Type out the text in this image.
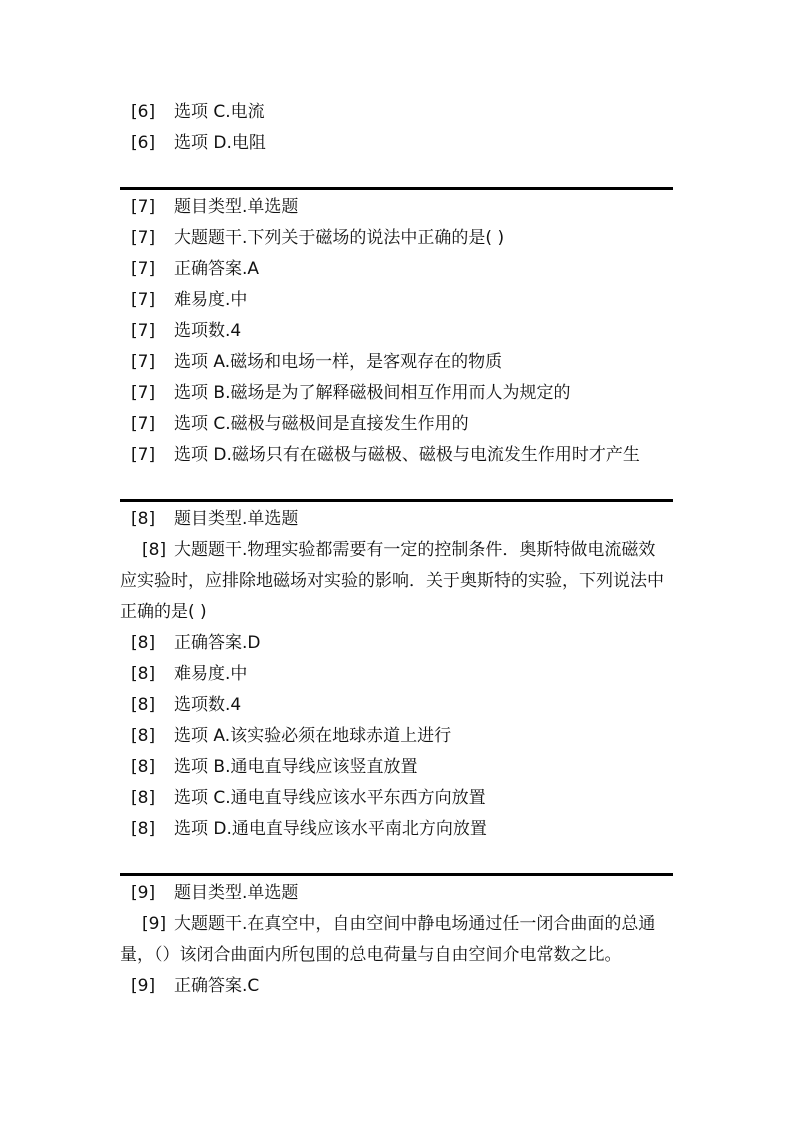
[6] 选项 C.电流
[6] 选项 D.电阻
[7] 题目类型.单选题
[7] 大题题干.下列关于磁场的说法中正确的是( )
[7] 正确答案.A
[7] 难易度.中
[7] 选项数.4
[7] 选项 A.磁场和电场一样，是客观存在的物质
[7] 选项 B.磁场是为了解释磁极间相互作用而人为规定的
[7] 选项 C.磁极与磁极间是直接发生作用的
[7] 选项 D.磁场只有在磁极与磁极、磁极与电流发生作用时才产生
[8] 题目类型.单选题
[8] 大题题干.物理实验都需要有一定的控制条件．奥斯特做电流磁效应实验时，应排除地磁场对实验的影响．关于奥斯特的实验，下列说法中正确的是( )
[8] 正确答案.D
[8] 难易度.中
[8] 选项数.4
[8] 选项 A.该实验必须在地球赤道上进行
[8] 选项 B.通电直导线应该竖直放置
[8] 选项 C.通电直导线应该水平东西方向放置
[8] 选项 D.通电直导线应该水平南北方向放置
[9] 题目类型.单选题
[9] 大题题干.在真空中，自由空间中静电场通过任一闭合曲面的总通量，（）该闭合曲面内所包围的总电荷量与自由空间介电常数之比。
[9] 正确答案.C
